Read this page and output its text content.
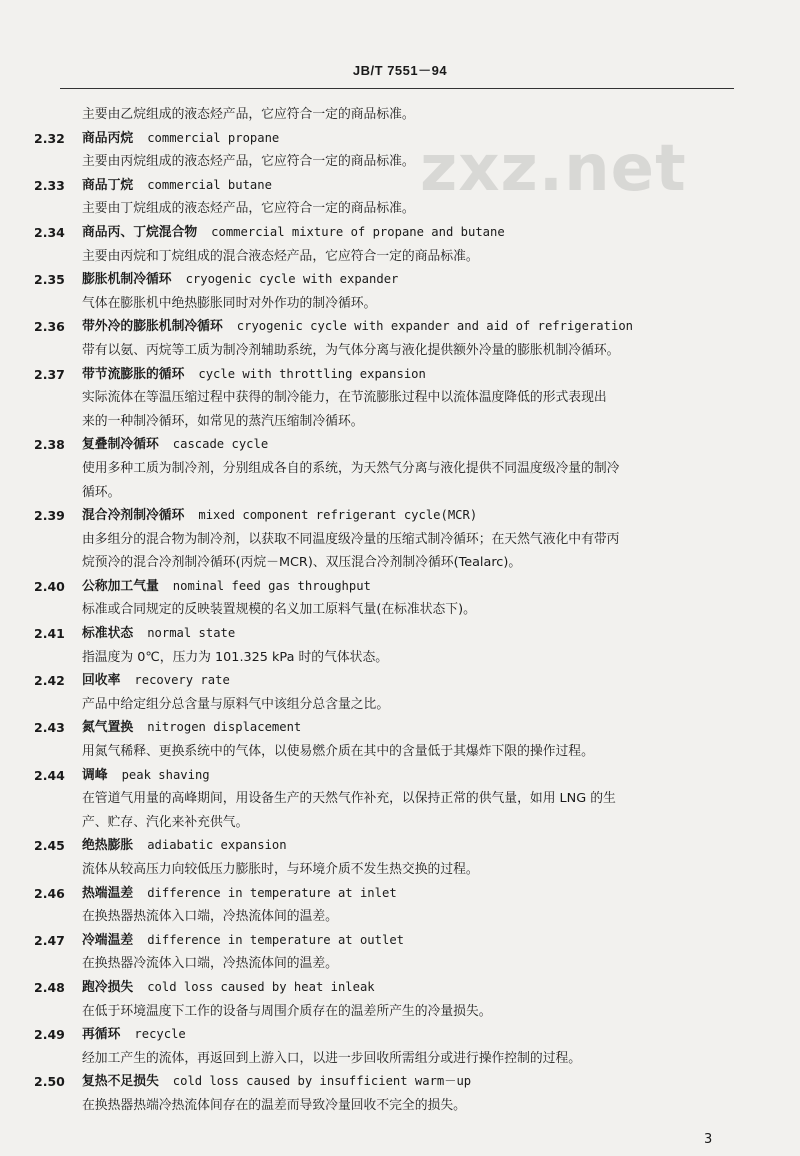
JB/T 7551－94
zxz.net
主要由乙烷组成的液态烃产品，它应符合一定的商品标准。
2.32	商品丙烷 commercial propane
主要由丙烷组成的液态烃产品，它应符合一定的商品标准。
2.33	商品丁烷 commercial butane
主要由丁烷组成的液态烃产品，它应符合一定的商品标准。
2.34	商品丙、丁烷混合物 commercial mixture of propane and butane
主要由丙烷和丁烷组成的混合液态烃产品，它应符合一定的商品标准。
2.35	膨胀机制冷循环 cryogenic cycle with expander
气体在膨胀机中绝热膨胀同时对外作功的制冷循环。
2.36	带外冷的膨胀机制冷循环 cryogenic cycle with expander and aid of refrigeration
带有以氨、丙烷等工质为制冷剂辅助系统，为气体分离与液化提供额外冷量的膨胀机制冷循环。
2.37	带节流膨胀的循环 cycle with throttling expansion
实际流体在等温压缩过程中获得的制冷能力，在节流膨胀过程中以流体温度降低的形式表现出
来的一种制冷循环，如常见的蒸汽压缩制冷循环。
2.38	复叠制冷循环 cascade cycle
使用多种工质为制冷剂，分别组成各自的系统，为天然气分离与液化提供不同温度级冷量的制冷
循环。
2.39	混合冷剂制冷循环 mixed component refrigerant cycle(MCR)
由多组分的混合物为制冷剂，以获取不同温度级冷量的压缩式制冷循环；在天然气液化中有带丙
烷预冷的混合冷剂制冷循环(丙烷－MCR)、双压混合冷剂制冷循环(Tealarc)。
2.40	公称加工气量 nominal feed gas throughput
标准或合同规定的反映装置规模的名义加工原料气量(在标准状态下)。
2.41	标准状态 normal state
指温度为 0℃，压力为 101.325 kPa 时的气体状态。
2.42	回收率 recovery rate
产品中给定组分总含量与原料气中该组分总含量之比。
2.43	氮气置换 nitrogen displacement
用氮气稀释、更换系统中的气体，以使易燃介质在其中的含量低于其爆炸下限的操作过程。
2.44	调峰 peak shaving
在管道气用量的高峰期间，用设备生产的天然气作补充，以保持正常的供气量，如用 LNG 的生
产、贮存、汽化来补充供气。
2.45	绝热膨胀 adiabatic expansion
流体从较高压力向较低压力膨胀时，与环境介质不发生热交换的过程。
2.46	热端温差 difference in temperature at inlet
在换热器热流体入口端，冷热流体间的温差。
2.47	冷端温差 difference in temperature at outlet
在换热器冷流体入口端，冷热流体间的温差。
2.48	跑冷损失 cold loss caused by heat inleak
在低于环境温度下工作的设备与周围介质存在的温差所产生的冷量损失。
2.49	再循环 recycle
经加工产生的流体，再返回到上游入口，以进一步回收所需组分或进行操作控制的过程。
2.50	复热不足损失 cold loss caused by insufficient warm－up
在换热器热端冷热流体间存在的温差而导致冷量回收不完全的损失。
3
